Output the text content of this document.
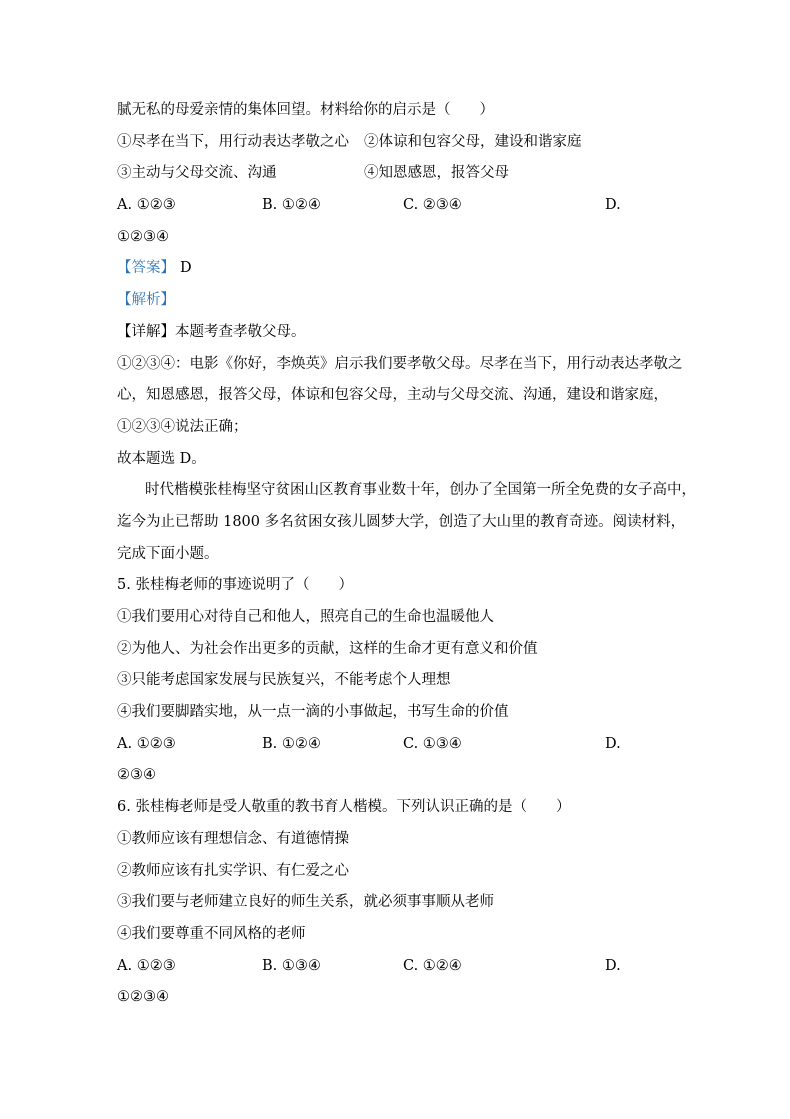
腻无私的母爱亲情的集体回望。材料给你的启示是（　　）
①尽孝在当下，用行动表达孝敬之心 ②体谅和包容父母，建设和谐家庭
③主动与父母交流、沟通	④知恩感恩，报答父母
A. ①②③	B. ①②④	C. ②③④	D.
①②③④
【答案】 D
【解析】
【详解】本题考查孝敬父母。
①②③④：电影《你好，李焕英》启示我们要孝敬父母。尽孝在当下，用行动表达孝敬之
心，知恩感恩，报答父母，体谅和包容父母，主动与父母交流、沟通，建设和谐家庭，
①②③④说法正确；
故本题选 D。
时代楷模张桂梅坚守贫困山区教育事业数十年，创办了全国第一所全免费的女子高中，
迄今为止已帮助 1800 多名贫困女孩儿圆梦大学，创造了大山里的教育奇迹。阅读材料，
完成下面小题。
5. 张桂梅老师的事迹说明了（　　）
①我们要用心对待自己和他人，照亮自己的生命也温暖他人
②为他人、为社会作出更多的贡献，这样的生命才更有意义和价值
③只能考虑国家发展与民族复兴，不能考虑个人理想
④我们要脚踏实地，从一点一滴的小事做起，书写生命的价值
A. ①②③	B. ①②④	C. ①③④	D.
②③④
6. 张桂梅老师是受人敬重的教书育人楷模。下列认识正确的是（　　）
①教师应该有理想信念、有道德情操
②教师应该有扎实学识、有仁爱之心
③我们要与老师建立良好的师生关系，就必须事事顺从老师
④我们要尊重不同风格的老师
A. ①②③	B. ①③④	C. ①②④	D.
①②③④
